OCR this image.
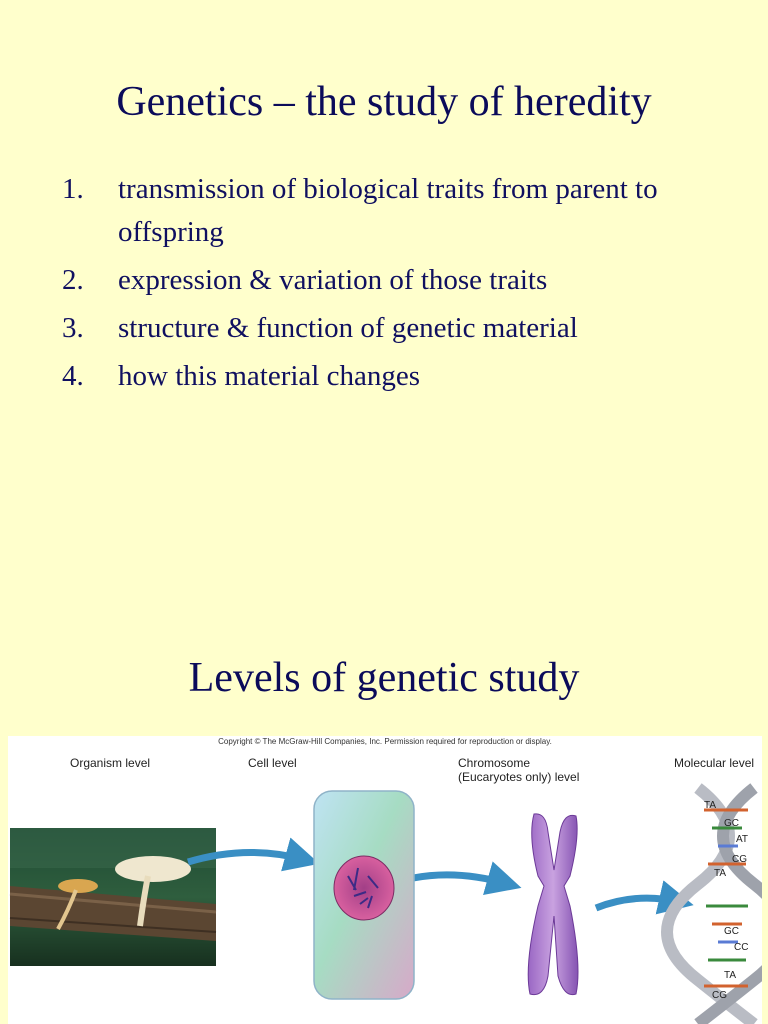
Genetics – the study of heredity
1. transmission of biological traits from parent to offspring
2. expression & variation of those traits
3. structure & function of genetic material
4. how this material changes
Levels of genetic study
Copyright © The McGraw-Hill Companies, Inc. Permission required for reproduction or display.
Organism level	Cell level	Chromosome
(Eucaryotes only) level
Molecular level
TA
GC
AT
CG
TA
GC
CC
TA
CG
